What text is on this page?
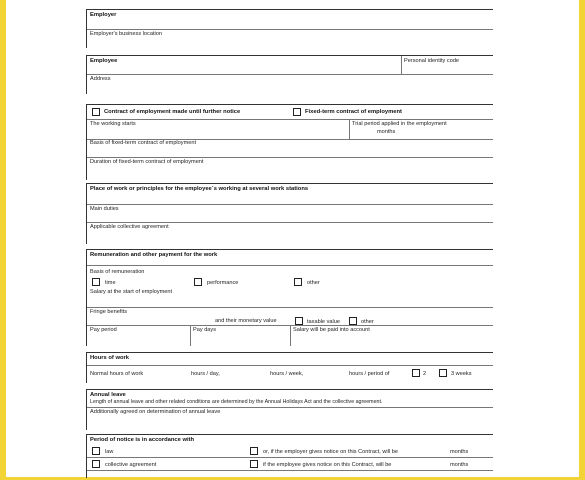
Employer
Employer's business location
Employee	Personal identity code
Address
Contract of employment made until further notice	Fixed-term contract of employment
The working starts	Trial period applied in the employment
months
Basis of fixed-term contract of employment
Duration of fixed-term contract of employment
Place of work or principles for the employee`s working at several work stations
Main duties
Applicable collective agreement
Remuneration and other payment for the work
Basis of remuneration
time	performance	other
Salary at the start of employment
Fringe benefits
and their monetary value	taxable value	other
Pay period	Pay days	Salary will be paid into account
Hours of work
Normal hours of work	hours / day,	hours / week,	hours / period of	2	3 weeks
Annual leave
Length of annual leave and other related conditions are determined by the Annual Holidays Act and the collective agreement.
Additionally agreed on determination of annual leave
Period of notice is in accordance with
law	or, if the employer gives notice on this Contract, will be	months
collective agreement	if the employee gives notice on this Contract, will be	months
